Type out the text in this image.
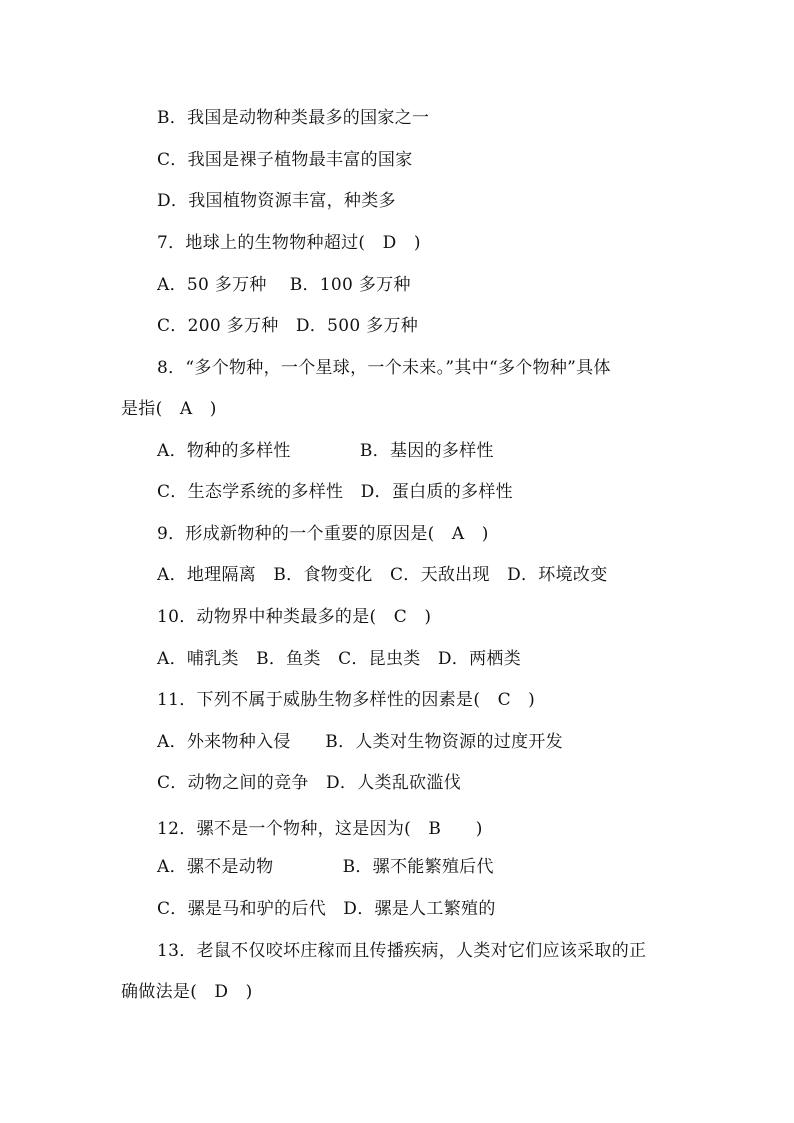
B．我国是动物种类最多的国家之一
C．我国是裸子植物最丰富的国家
D．我国植物资源丰富，种类多
7．地球上的生物物种超过(　D　)
A．50 多万种　 B．100 多万种
C．200 多万种　D．500 多万种
8．“多个物种，一个星球，一个未来。”其中“多个物种”具体
是指(　A　)
A．物种的多样性　　　　B．基因的多样性
C．生态学系统的多样性　D．蛋白质的多样性
9．形成新物种的一个重要的原因是(　A　)
A．地理隔离　B．食物变化　C．天敌出现　D．环境改变
10．动物界中种类最多的是(　C　)
A．哺乳类　B．鱼类　C．昆虫类　D．两栖类
11．下列不属于威胁生物多样性的因素是(　C　)
A．外来物种入侵　　B．人类对生物资源的过度开发
C．动物之间的竞争　D．人类乱砍滥伐
12．骡不是一个物种，这是因为(　B　　)
A．骡不是动物　　　　B．骡不能繁殖后代
C．骡是马和驴的后代　D．骡是人工繁殖的
13．老鼠不仅咬坏庄稼而且传播疾病，人类对它们应该采取的正
确做法是(　D　)
